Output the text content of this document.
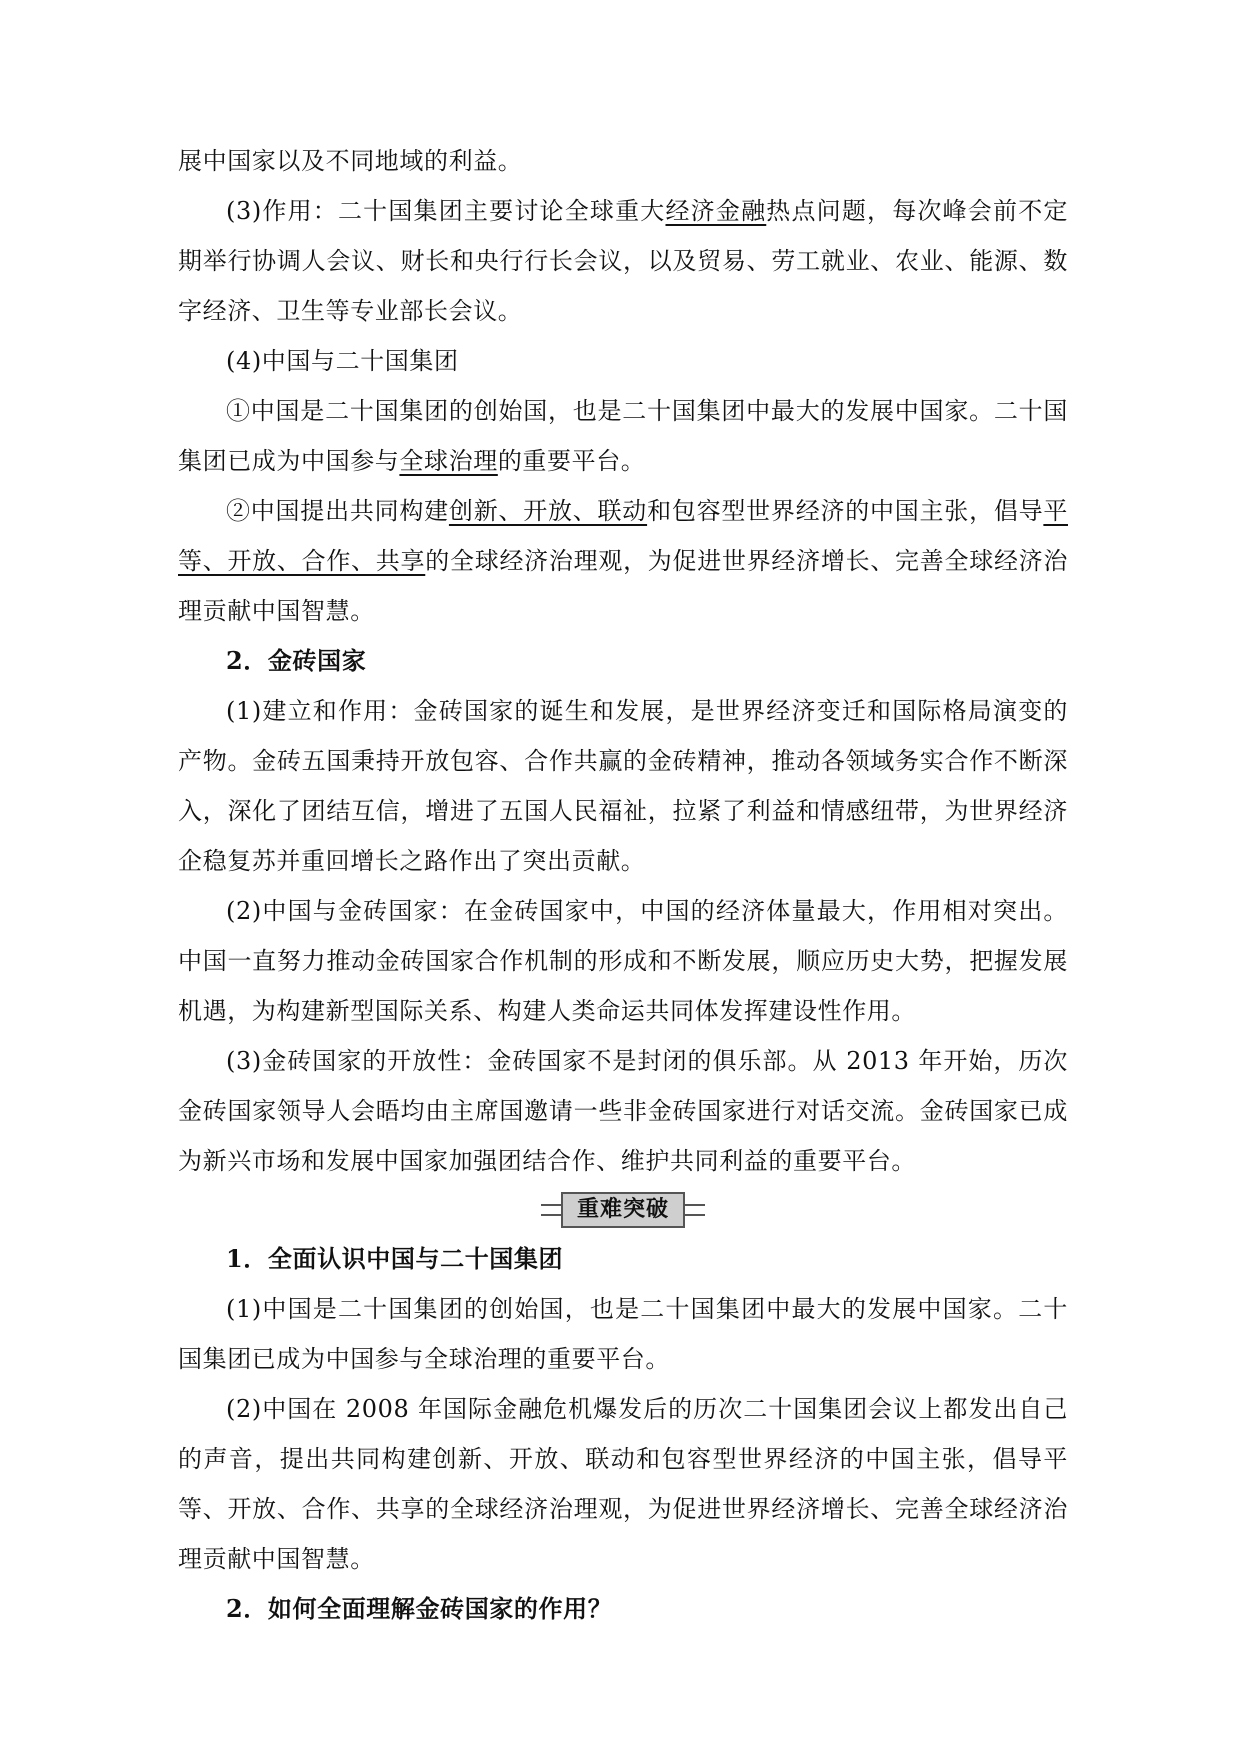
展中国家以及不同地域的利益。

(3)作用：二十国集团主要讨论全球重大经济金融热点问题，每次峰会前不定期举行协调人会议、财长和央行行长会议，以及贸易、劳工就业、农业、能源、数字经济、卫生等专业部长会议。

(4)中国与二十国集团

①中国是二十国集团的创始国，也是二十国集团中最大的发展中国家。二十国集团已成为中国参与全球治理的重要平台。

②中国提出共同构建创新、开放、联动和包容型世界经济的中国主张，倡导平等、开放、合作、共享的全球经济治理观，为促进世界经济增长、完善全球经济治理贡献中国智慧。

2．金砖国家

(1)建立和作用：金砖国家的诞生和发展，是世界经济变迁和国际格局演变的产物。金砖五国秉持开放包容、合作共赢的金砖精神，推动各领域务实合作不断深入，深化了团结互信，增进了五国人民福祉，拉紧了利益和情感纽带，为世界经济企稳复苏并重回增长之路作出了突出贡献。

(2)中国与金砖国家：在金砖国家中，中国的经济体量最大，作用相对突出。中国一直努力推动金砖国家合作机制的形成和不断发展，顺应历史大势，把握发展机遇，为构建新型国际关系、构建人类命运共同体发挥建设性作用。

(3)金砖国家的开放性：金砖国家不是封闭的俱乐部。从 2013 年开始，历次金砖国家领导人会晤均由主席国邀请一些非金砖国家进行对话交流。金砖国家已成为新兴市场和发展中国家加强团结合作、维护共同利益的重要平台。

重难突破

1．全面认识中国与二十国集团

(1)中国是二十国集团的创始国，也是二十国集团中最大的发展中国家。二十国集团已成为中国参与全球治理的重要平台。

(2)中国在 2008 年国际金融危机爆发后的历次二十国集团会议上都发出自己的声音，提出共同构建创新、开放、联动和包容型世界经济的中国主张，倡导平等、开放、合作、共享的全球经济治理观，为促进世界经济增长、完善全球经济治理贡献中国智慧。

2．如何全面理解金砖国家的作用？
